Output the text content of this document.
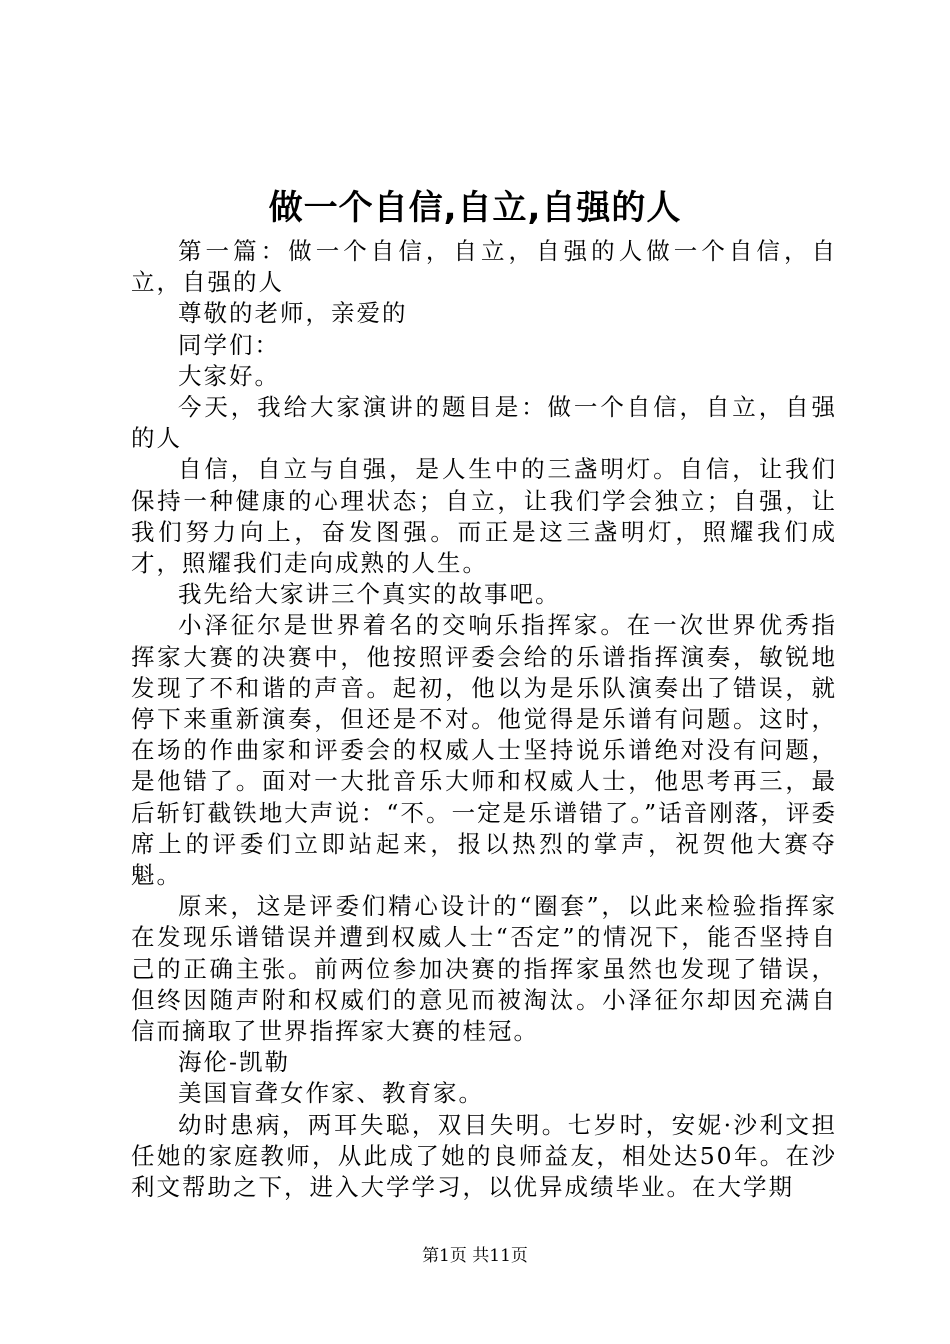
做一个自信,自立,自强的人

第一篇：做一个自信，自立，自强的人做一个自信，自立，自强的人

尊敬的老师，亲爱的

同学们：

大家好。

今天，我给大家演讲的题目是：做一个自信，自立，自强的人

自信，自立与自强，是人生中的三盏明灯。自信，让我们保持一种健康的心理状态；自立，让我们学会独立；自强，让我们努力向上，奋发图强。而正是这三盏明灯，照耀我们成才，照耀我们走向成熟的人生。

我先给大家讲三个真实的故事吧。

小泽征尔是世界着名的交响乐指挥家。在一次世界优秀指挥家大赛的决赛中，他按照评委会给的乐谱指挥演奏，敏锐地发现了不和谐的声音。起初，他以为是乐队演奏出了错误，就停下来重新演奏，但还是不对。他觉得是乐谱有问题。这时，在场的作曲家和评委会的权威人士坚持说乐谱绝对没有问题，是他错了。面对一大批音乐大师和权威人士，他思考再三，最后斩钉截铁地大声说：“不。一定是乐谱错了。”话音刚落，评委席上的评委们立即站起来，报以热烈的掌声，祝贺他大赛夺魁。

原来，这是评委们精心设计的“圈套”，以此来检验指挥家在发现乐谱错误并遭到权威人士“否定”的情况下，能否坚持自己的正确主张。前两位参加决赛的指挥家虽然也发现了错误，但终因随声附和权威们的意见而被淘汰。小泽征尔却因充满自信而摘取了世界指挥家大赛的桂冠。

海伦-凯勒

美国盲聋女作家、教育家。

幼时患病，两耳失聪，双目失明。七岁时，安妮·沙利文担任她的家庭教师，从此成了她的良师益友，相处达50年。在沙利文帮助之下，进入大学学习，以优异成绩毕业。在大学期

第1页 共11页
